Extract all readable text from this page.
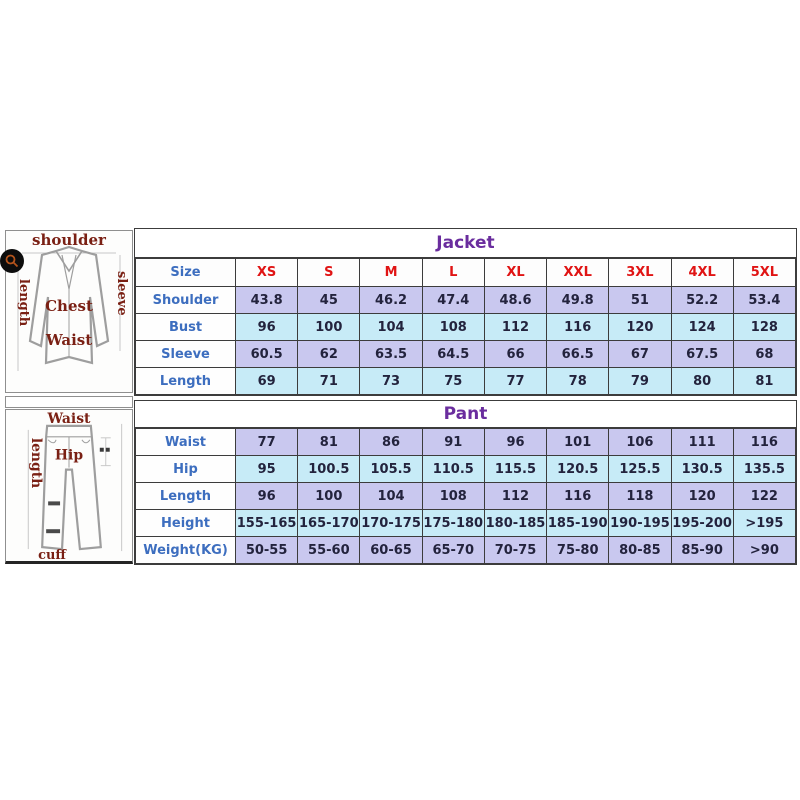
shoulder
sleeve
length Chest
Waist
Waist
Hip
length
cuff
Jacket
Size	XS	S	M	L	XL	XXL	3XL	4XL	5XL
Shoulder	43.8	45	46.2	47.4	48.6	49.8	51	52.2	53.4
Bust	96	100	104	108	112	116	120	124	128
Sleeve	60.5	62	63.5	64.5	66	66.5	67	67.5	68
Length	69	71	73	75	77	78	79	80	81
Pant
Waist	77	81	86	91	96	101	106	111	116
Hip	95	100.5	105.5	110.5	115.5	120.5	125.5	130.5	135.5
Length	96	100	104	108	112	116	118	120	122
Height	155-165	165-170	170-175	175-180	180-185	185-190	190-195	195-200	>195
Weight(KG)	50-55	55-60	60-65	65-70	70-75	75-80	80-85	85-90	>90
